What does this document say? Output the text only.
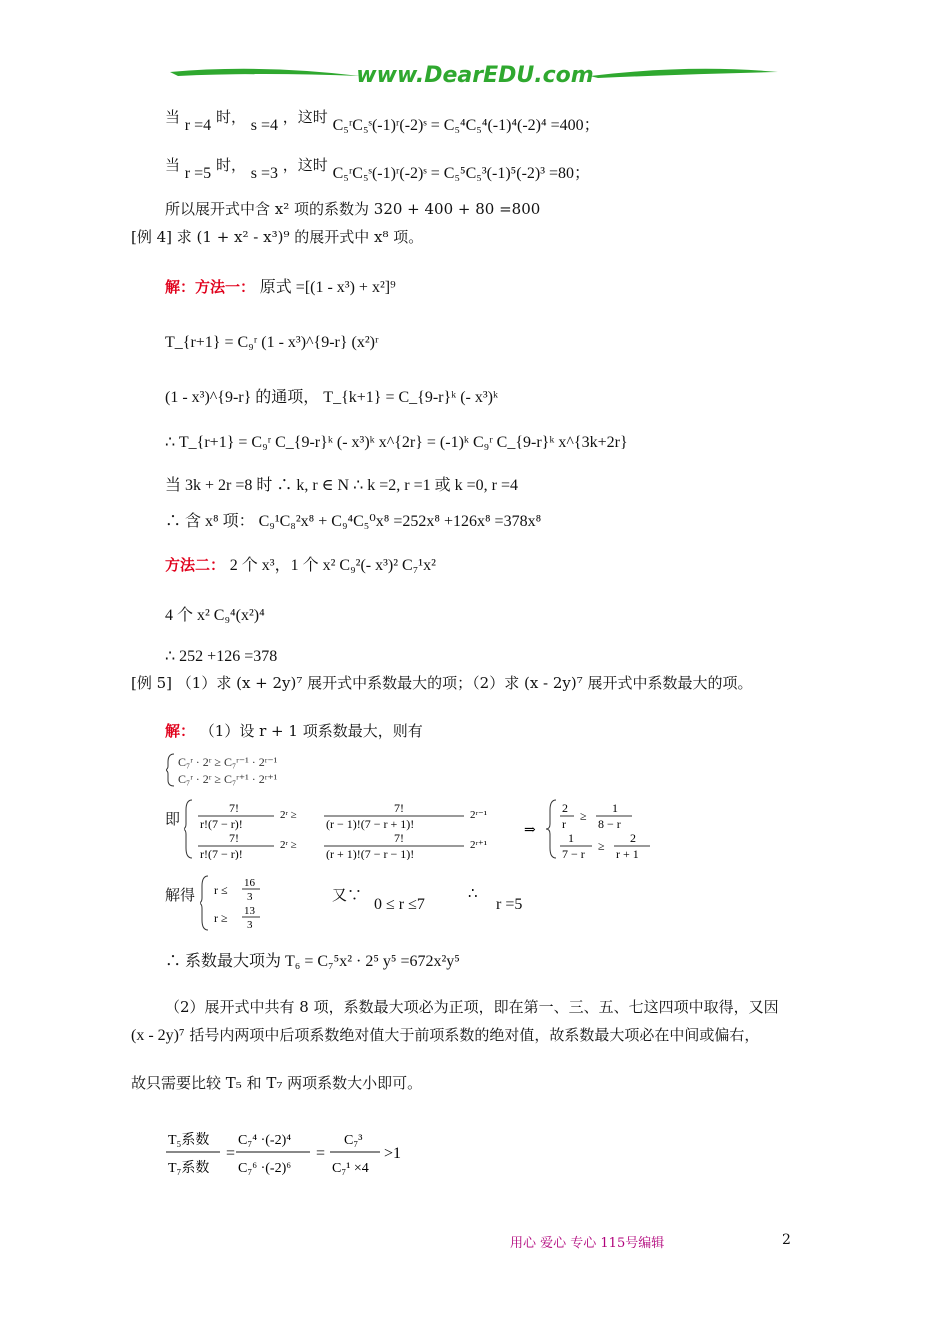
www.DearEDU.com
当 r =4 时， s =4 ，这时 C₅ʳC₅ˢ(-1)ʳ(-2)ˢ = C₅⁴C₅⁴(-1)⁴(-2)⁴ =400；
当 r =5 时， s =3 ，这时 C₅ʳC₅ˢ(-1)ʳ(-2)ˢ = C₅⁵C₅³(-1)⁵(-2)³ =80；
所以展开式中含 x² 项的系数为 320 + 400 + 80 =800
[例 4] 求 (1 + x² - x³)⁹ 的展开式中 x⁸ 项。
解：方法一： 原式 =[(1 - x³) + x²]⁹
T_{r+1} = C₉ʳ (1 - x³)^{9-r} (x²)ʳ
(1 - x³)^{9-r} 的通项， T_{k+1} = C_{9-r}ᵏ (- x³)ᵏ
∴ T_{r+1} = C₉ʳ C_{9-r}ᵏ (- x³)ᵏ x^{2r} = (-1)ᵏ C₉ʳ C_{9-r}ᵏ x^{3k+2r}
当 3k + 2r =8 时 ∴ k, r ∈ N ∴ k =2, r =1 或 k =0, r =4
∴ 含 x⁸ 项： C₉¹C₈²x⁸ + C₉⁴C₅⁰x⁸ =252x⁸ +126x⁸ =378x⁸
方法二： 2 个 x³，1 个 x² C₉²(- x³)² C₇¹x²
4 个 x² C₉⁴(x²)⁴
∴ 252 +126 =378
[例 5] （1）求 (x + 2y)⁷ 展开式中系数最大的项；（2）求 (x - 2y)⁷ 展开式中系数最大的项。
解： （1）设 r + 1 项系数最大，则有
C₇ʳ · 2ʳ ≥ C₇ʳ⁻¹ · 2ʳ⁻¹
C₇ʳ · 2ʳ ≥ C₇ʳ⁺¹ · 2ʳ⁺¹
即
7!
r!(7 − r)!
2ʳ ≥	7!
(r − 1)!(7 − r + 1)!
2ʳ⁻¹
7!
r!(7 − r)!
2ʳ ≥	7!
(r + 1)!(7 − r − 1)!
2ʳ⁺¹
⇒
2
r
≥
1
8 − r
1
7 − r
≥
2
r + 1
解得 r ≤ 16
3
r ≥ 13
3
又∵
0 ≤ r ≤7
∴
r =5
∴ 系数最大项为 T₆ = C₇⁵x² · 2⁵ y⁵ =672x²y⁵
（2）展开式中共有 8 项，系数最大项必为正项，即在第一、三、五、七这四项中取得，又因
(x - 2y)⁷ 括号内两项中后项系数绝对值大于前项系数的绝对值，故系数最大项必在中间或偏右，
故只需要比较 T₅ 和 T₇ 两项系数大小即可。
T₅系数
T₇系数
=
C₇⁴ ·(-2)⁴
C₇⁶ ·(-2)⁶
=
C₇³
C₇¹ ×4
>1
用心 爱心 专心 115号编辑	2
